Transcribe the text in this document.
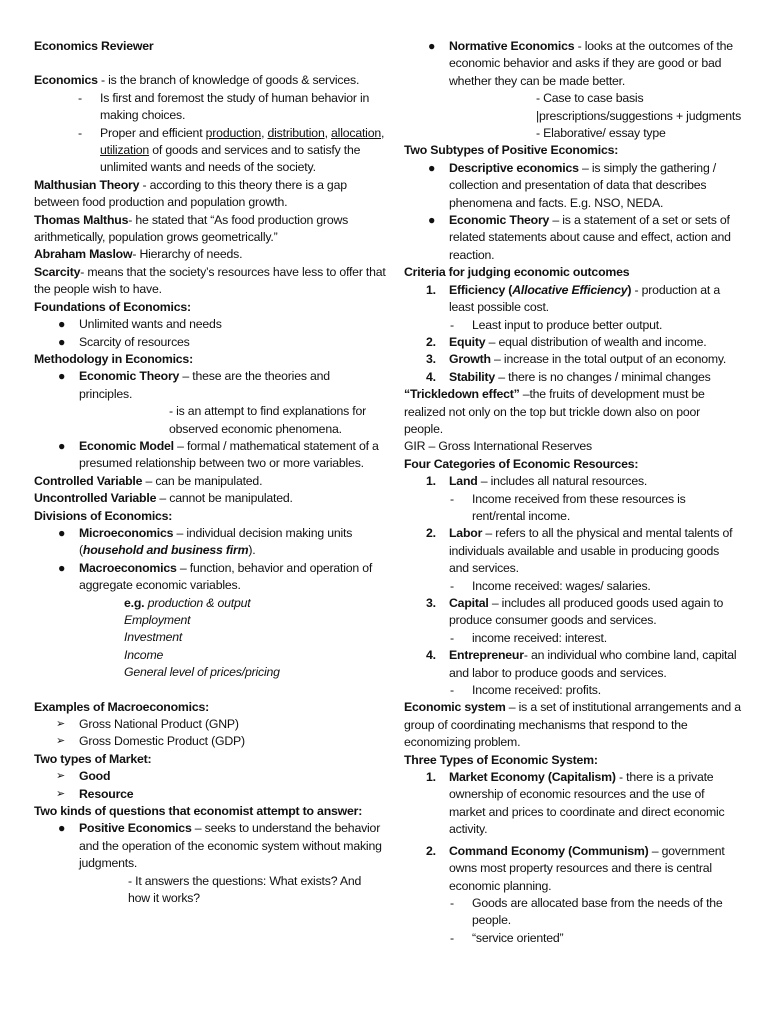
Economics Reviewer

Economics - is the branch of knowledge of goods & services.

- Is first and foremost the study of human behavior in making choices.
- Proper and efficient production, distribution, allocation, utilization of goods and services and to satisfy the unlimited wants and needs of the society.

Malthusian Theory - according to this theory there is a gap between food production and population growth.

Thomas Malthus- he stated that “As food production grows arithmetically, population grows geometrically.”

Abraham Maslow- Hierarchy of needs.

Scarcity- means that the society’s resources have less to offer that the people wish to have.

Foundations of Economics:

● Unlimited wants and needs
● Scarcity of resources

Methodology in Economics:

● Economic Theory – these are the theories and principles.

- is an attempt to find explanations for observed economic phenomena.

● Economic Model – formal / mathematical statement of a presumed relationship between two or more variables.

Controlled Variable – can be manipulated.

Uncontrolled Variable – cannot be manipulated.

Divisions of Economics:

● Microeconomics – individual decision making units (household and business firm).
● Macroeconomics – function, behavior and operation of aggregate economic variables.

e.g. production & output

Employment

Investment

Income

General level of prices/pricing

Examples of Macroeconomics:

➢ Gross National Product (GNP)
➢ Gross Domestic Product (GDP)

Two types of Market:

➢ Good
➢ Resource

Two kinds of questions that economist attempt to answer:

● Positive Economics – seeks to understand the behavior and the operation of the economic system without making judgments.

- It answers the questions: What exists? And how it works?

● Normative Economics - looks at the outcomes of the economic behavior and asks if they are good or bad whether they can be made better.

- Case to case basis

|prescriptions/suggestions + judgments

- Elaborative/ essay type

Two Subtypes of Positive Economics:

● Descriptive economics – is simply the gathering / collection and presentation of data that describes phenomena and facts. E.g. NSO, NEDA.
● Economic Theory – is a statement of a set or sets of related statements about cause and effect, action and reaction.

Criteria for judging economic outcomes

1. Efficiency (Allocative Efficiency) - production at a least possible cost.

- Least input to produce better output.

2. Equity – equal distribution of wealth and income.
3. Growth – increase in the total output of an economy.
4. Stability – there is no changes / minimal changes

“Trickledown effect” –the fruits of development must be realized not only on the top but trickle down also on poor people.

GIR – Gross International Reserves

Four Categories of Economic Resources:

1. Land – includes all natural resources.

- Income received from these resources is rent/rental income.

2. Labor – refers to all the physical and mental talents of individuals available and usable in producing goods and services.

- Income received: wages/ salaries.

3. Capital – includes all produced goods used again to produce consumer goods and services.

- income received: interest.

4. Entrepreneur- an individual who combine land, capital and labor to produce goods and services.

- Income received: profits.

Economic system – is a set of institutional arrangements and a group of coordinating mechanisms that respond to the economizing problem.

Three Types of Economic System:

1. Market Economy (Capitalism) - there is a private ownership of economic resources and the use of market and prices to coordinate and direct economic activity.
2. Command Economy (Communism) – government owns most property resources and there is central economic planning.

- Goods are allocated base from the needs of the people.

- “service oriented”
